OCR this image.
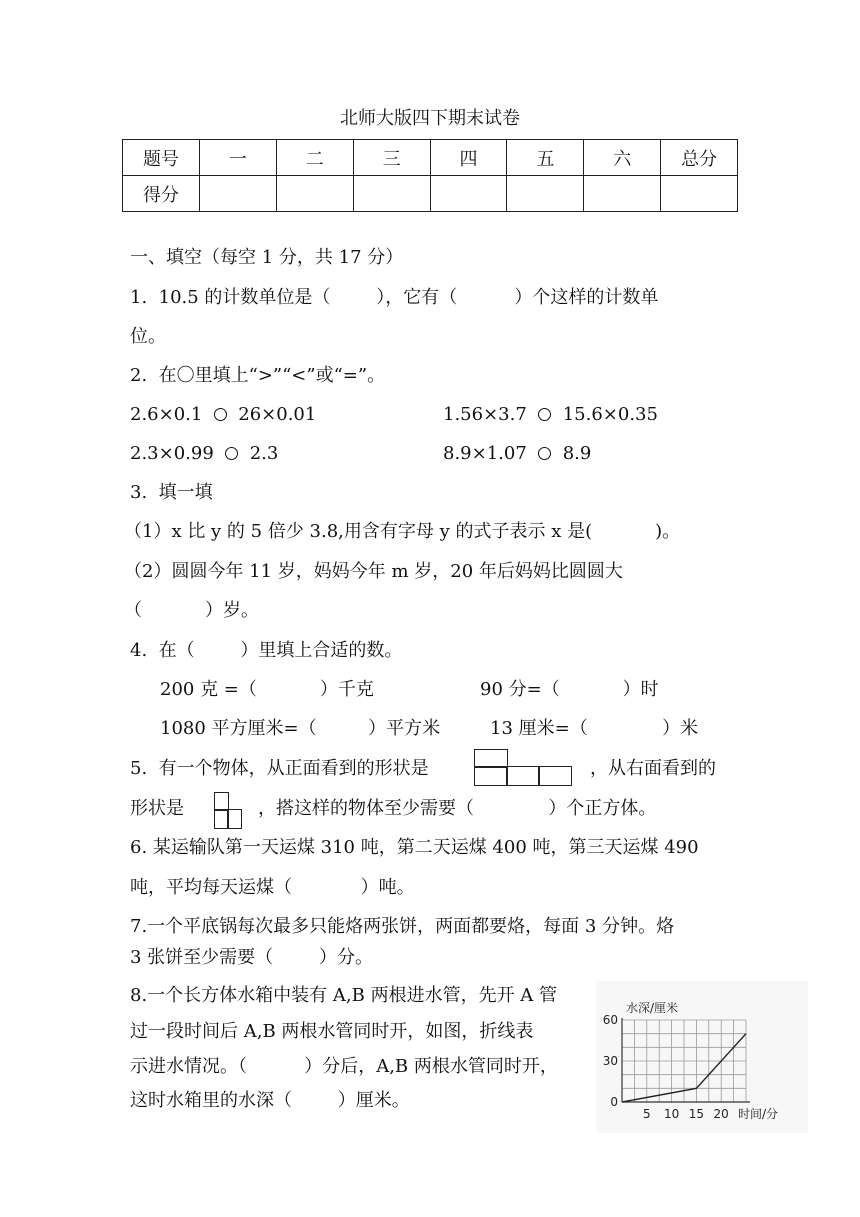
北师大版四下期末试卷
题号	一	二	三	四	五	六	总分
得分							
一、填空（每空 1 分，共 17 分）
1.  10.5 的计数单位是（        ），它有（          ）个这样的计数单
位。
2.  在〇里填上“>”“<”或“=”。
2.6×0.1 26×0.01	1.56×3.7 15.6×0.35
2.3×0.99 2.3	8.9×1.07 8.9
3.  填一填
（1）x 比 y 的 5 倍少 3.8,用含有字母 y 的式子表示 x 是(           )。
（2）圆圆今年 11 岁，妈妈今年 m 岁，20 年后妈妈比圆圆大
（           ）岁。
4.  在（        ）里填上合适的数。
200 克 =（           ）千克	90 分=（           ）时
1080 平方厘米=（         ）平方米	13 厘米=（             ）米
5.  有一个物体，从正面看到的形状是	，从右面看到的
形状是	，搭这样的物体至少需要（             ）个正方体。
6. 某运输队第一天运煤 310 吨，第二天运煤 400 吨，第三天运煤 490
吨，平均每天运煤（            ）吨。
7.一个平底锅每次最多只能烙两张饼，两面都要烙，每面 3 分钟。烙
3 张饼至少需要（        ）分。
8.一个长方体水箱中装有 A,B 两根进水管，先开 A 管
过一段时间后 A,B 两根水管同时开，如图，折线表
示进水情况。（          ）分后，A,B 两根水管同时开，
这时水箱里的水深（        ）厘米。
水深/厘米
时间/分
5 10 15 20
0
30
60
